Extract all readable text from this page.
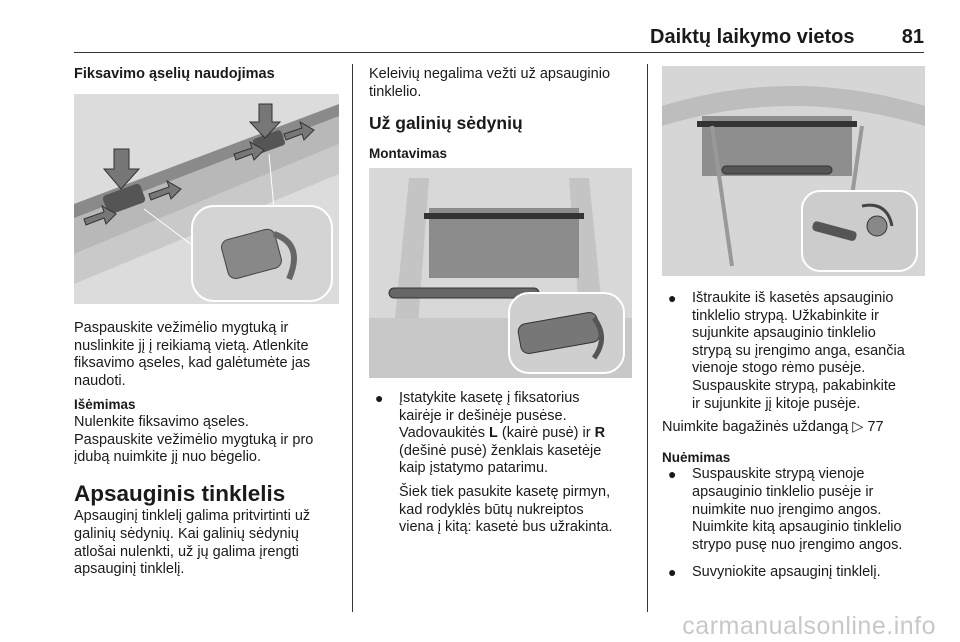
Daiktų laikymo vietos 81

Fiksavimo ąselių naudojimas

Paspauskite vežimėlio mygtuką ir

nuslinkite jį į reikiamą vietą. Atlenkite

fiksavimo ąseles, kad galėtumėte jas

naudoti.

Išėmimas

Nulenkite fiksavimo ąseles.

Paspauskite vežimėlio mygtuką ir pro

įdubą nuimkite jį nuo bėgelio.

Apsauginis tinklelis

Apsauginį tinklelį galima pritvirtinti už

galinių sėdynių. Kai galinių sėdynių

atlošai nulenkti, už jų galima įrengti

apsauginį tinklelį.

Keleivių negalima vežti už apsauginio

tinklelio.

Už galinių sėdynių

Montavimas

● Įstatykite kasetę į fiksatorius

kairėje ir dešinėje pusėse.

Vadovaukitės L (kairė pusė) ir R

(dešinė pusė) ženklais kasetėje

kaip įstatymo patarimu.

Šiek tiek pasukite kasetę pirmyn,

kad rodyklės būtų nukreiptos

viena į kitą: kasetė bus užrakinta.

● Ištraukite iš kasetės apsauginio

tinklelio strypą. Užkabinkite ir

sujunkite apsauginio tinklelio

strypą su įrengimo anga, esančia

vienoje stogo rėmo pusėje.

Suspauskite strypą, pakabinkite

ir sujunkite jį kitoje pusėje.

Nuimkite bagažinės uždangą ▷ 77

Nuėmimas

● Suspauskite strypą vienoje

apsauginio tinklelio pusėje ir

nuimkite nuo įrengimo angos.

Nuimkite kitą apsauginio tinklelio

strypo pusę nuo įrengimo angos.

● Suvyniokite apsauginį tinklelį.

carmanualsonline.info
